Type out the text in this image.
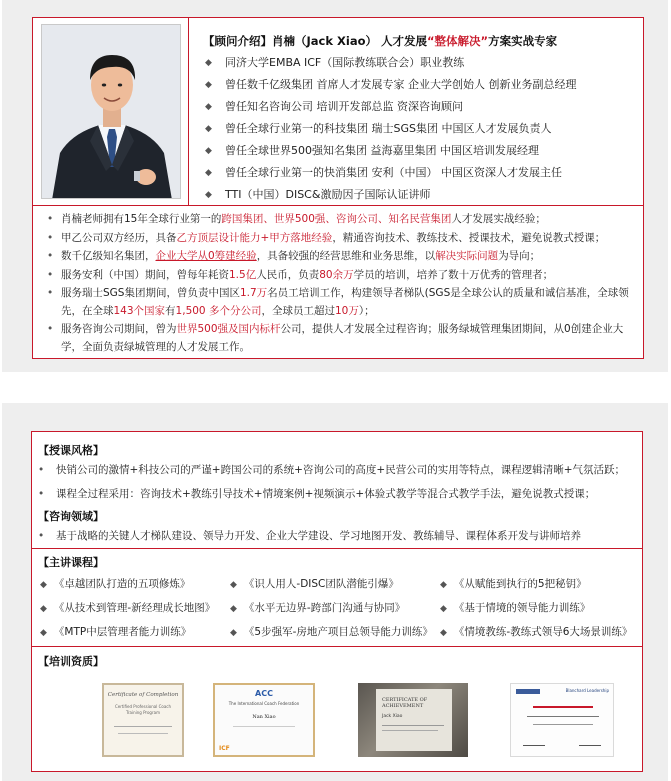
【顾问介绍】肖楠（Jack Xiao） 人才发展“整体解决”方案实战专家
◆ 同济大学EMBA ICF（国际教练联合会）职业教练
◆ 曾任数千亿级集团 首席人才发展专家 企业大学创始人 创新业务副总经理
◆ 曾任知名咨询公司 培训开发部总监 资深咨询顾问
◆ 曾任全球行业第一的科技集团 瑞士SGS集团 中国区人才发展负责人
◆ 曾任全球世界500强知名集团 益海嘉里集团 中国区培训发展经理
◆ 曾任全球行业第一的快消集团 安利（中国） 中国区资深人才发展主任
◆ TTI（中国）DISC&激励因子国际认证讲师
• 肖楠老师拥有15年全球行业第一的跨国集团、世界500强、咨询公司、知名民营集团人才发展实战经验；
• 甲乙公司双方经历，具备乙方顶层设计能力+甲方落地经验，精通咨询技术、教练技术、授课技术，避免说教式授课；
• 数千亿级知名集团，企业大学从0筹建经验，具备较强的经营思维和业务思维，以解决实际问题为导向；
• 服务安利（中国）期间，曾每年耗资1.5亿人民币，负责80余万学员的培训，培养了数十万优秀的管理者；
• 服务瑞士SGS集团期间，曾负责中国区1.7万名员工培训工作，构建领导者梯队(SGS是全球公认的质量和诚信基准，全球领先，在全球143个国家有1,500 多个分公司，全球员工超过10万）；
• 服务咨询公司期间，曾为世界500强及国内标杆公司，提供人才发展全过程咨询；服务绿城管理集团期间，从0创建企业大学，全面负责绿城管理的人才发展工作。
【授课风格】
• 快销公司的激情+科技公司的严谨+跨国公司的系统+咨询公司的高度+民营公司的实用等特点，课程逻辑清晰+气氛活跃；
• 课程全过程采用：咨询技术+教练引导技术+情境案例+视频演示+体验式教学等混合式教学手法，避免说教式授课；
【咨询领域】
• 基于战略的关键人才梯队建设、领导力开发、企业大学建设、学习地图开发、教练辅导、课程体系开发与讲师培养
【主讲课程】
◆ 《卓越团队打造的五项修炼》	◆ 《识人用人-DISC团队潜能引爆》	◆ 《从赋能到执行的5把秘钥》
◆ 《从技术到管理-新经理成长地图》 ◆ 《水平无边界-跨部门沟通与协同》	◆ 《基于情境的领导能力训练》
◆ 《MTP中层管理者能力训练》	◆ 《5步强军-房地产项目总领导能力训练》 ◆ 《情境教练-教练式领导6大场景训练》
【培训资质】
Certificate of Completion
Certified Professional Coach Training Program
ACC
The International Coach Federation
Nan Xiao
ICF
CERTIFICATE OF ACHIEVEMENT
Jack Xiao
Blanchard Leadership
